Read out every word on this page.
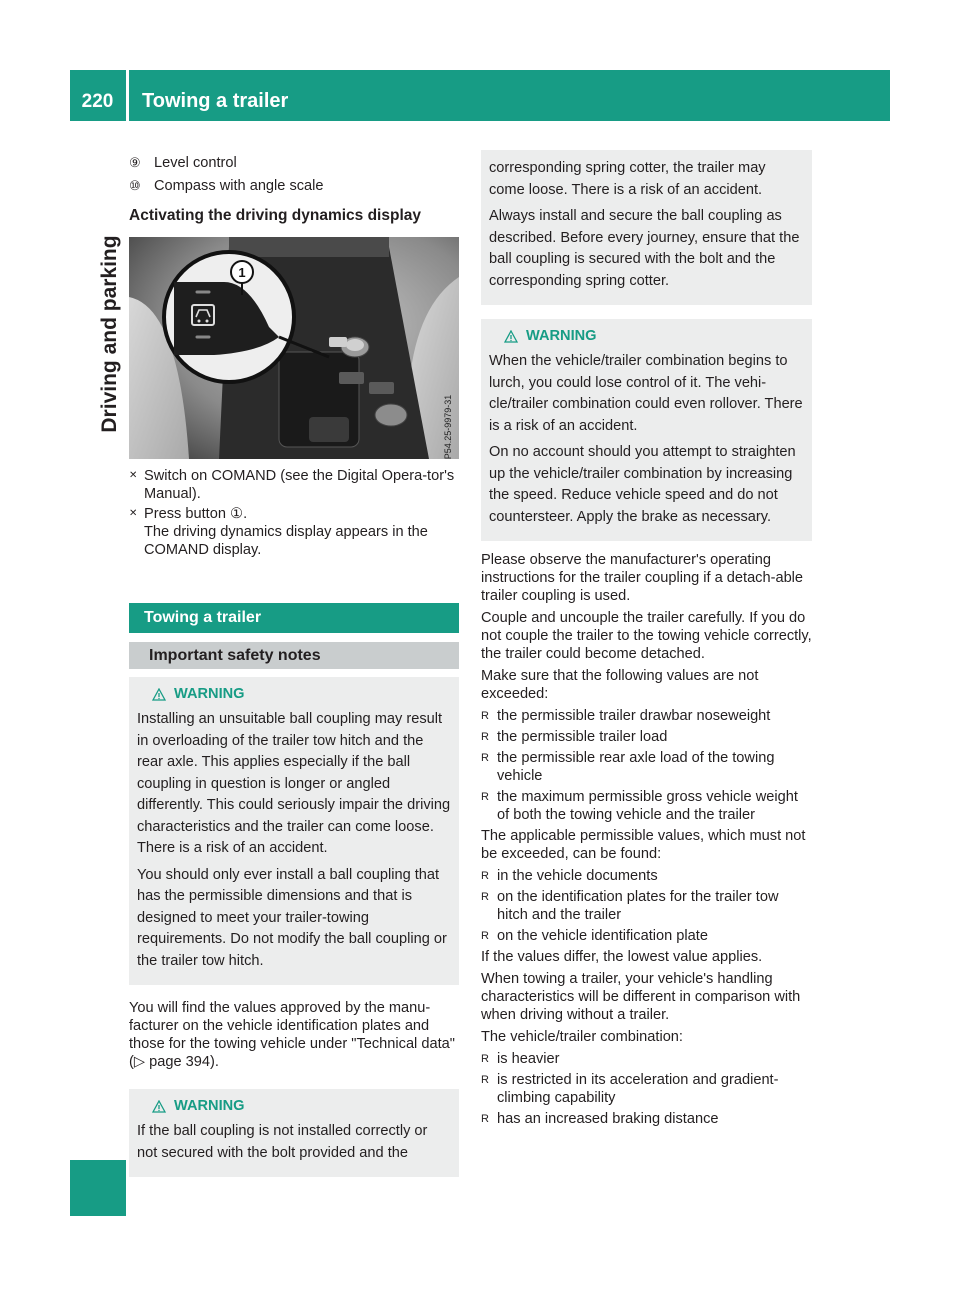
220	Towing a trailer
Driving and parking
⑨ Level control
⑩ Compass with angle scale
Activating the driving dynamics display
1
P54.25-9979-31
✕ Switch on COMAND (see the Digital Opera-tor's Manual).
✕ Press button ①.
The driving dynamics display appears in the COMAND display.
Towing a trailer
Important safety notes
WARNING

Installing an unsuitable ball coupling may result in overloading of the trailer tow hitch and the rear axle. This applies especially if the ball coupling in question is longer or angled differently. This could seriously impair the driving characteristics and the trailer can come loose. There is a risk of an accident.

You should only ever install a ball coupling that has the permissible dimensions and that is designed to meet your trailer-towing requirements. Do not modify the ball coupling or the trailer tow hitch.

You will find the values approved by the manu-facturer on the vehicle identification plates and those for the towing vehicle under "Technical data" (▷ page 394).

WARNING

If the ball coupling is not installed correctly or not secured with the bolt provided and the

corresponding spring cotter, the trailer may come loose. There is a risk of an accident.

Always install and secure the ball coupling as described. Before every journey, ensure that the ball coupling is secured with the bolt and the corresponding spring cotter.

WARNING

When the vehicle/trailer combination begins to lurch, you could lose control of it. The vehi-cle/trailer combination could even rollover. There is a risk of an accident.

On no account should you attempt to straighten up the vehicle/trailer combination by increasing the speed. Reduce vehicle speed and do not countersteer. Apply the brake as necessary.

Please observe the manufacturer's operating instructions for the trailer coupling if a detach-able trailer coupling is used.

Couple and uncouple the trailer carefully. If you do not couple the trailer to the towing vehicle correctly, the trailer could become detached.

Make sure that the following values are not exceeded:

R the permissible trailer drawbar noseweight
R the permissible trailer load
R the permissible rear axle load of the towing vehicle
R the maximum permissible gross vehicle weight of both the towing vehicle and the trailer

The applicable permissible values, which must not be exceeded, can be found:

R in the vehicle documents
R on the identification plates for the trailer tow hitch and the trailer
R on the vehicle identification plate

If the values differ, the lowest value applies.

When towing a trailer, your vehicle's handling characteristics will be different in comparison with when driving without a trailer.

The vehicle/trailer combination:

R is heavier
R is restricted in its acceleration and gradient-climbing capability
R has an increased braking distance
